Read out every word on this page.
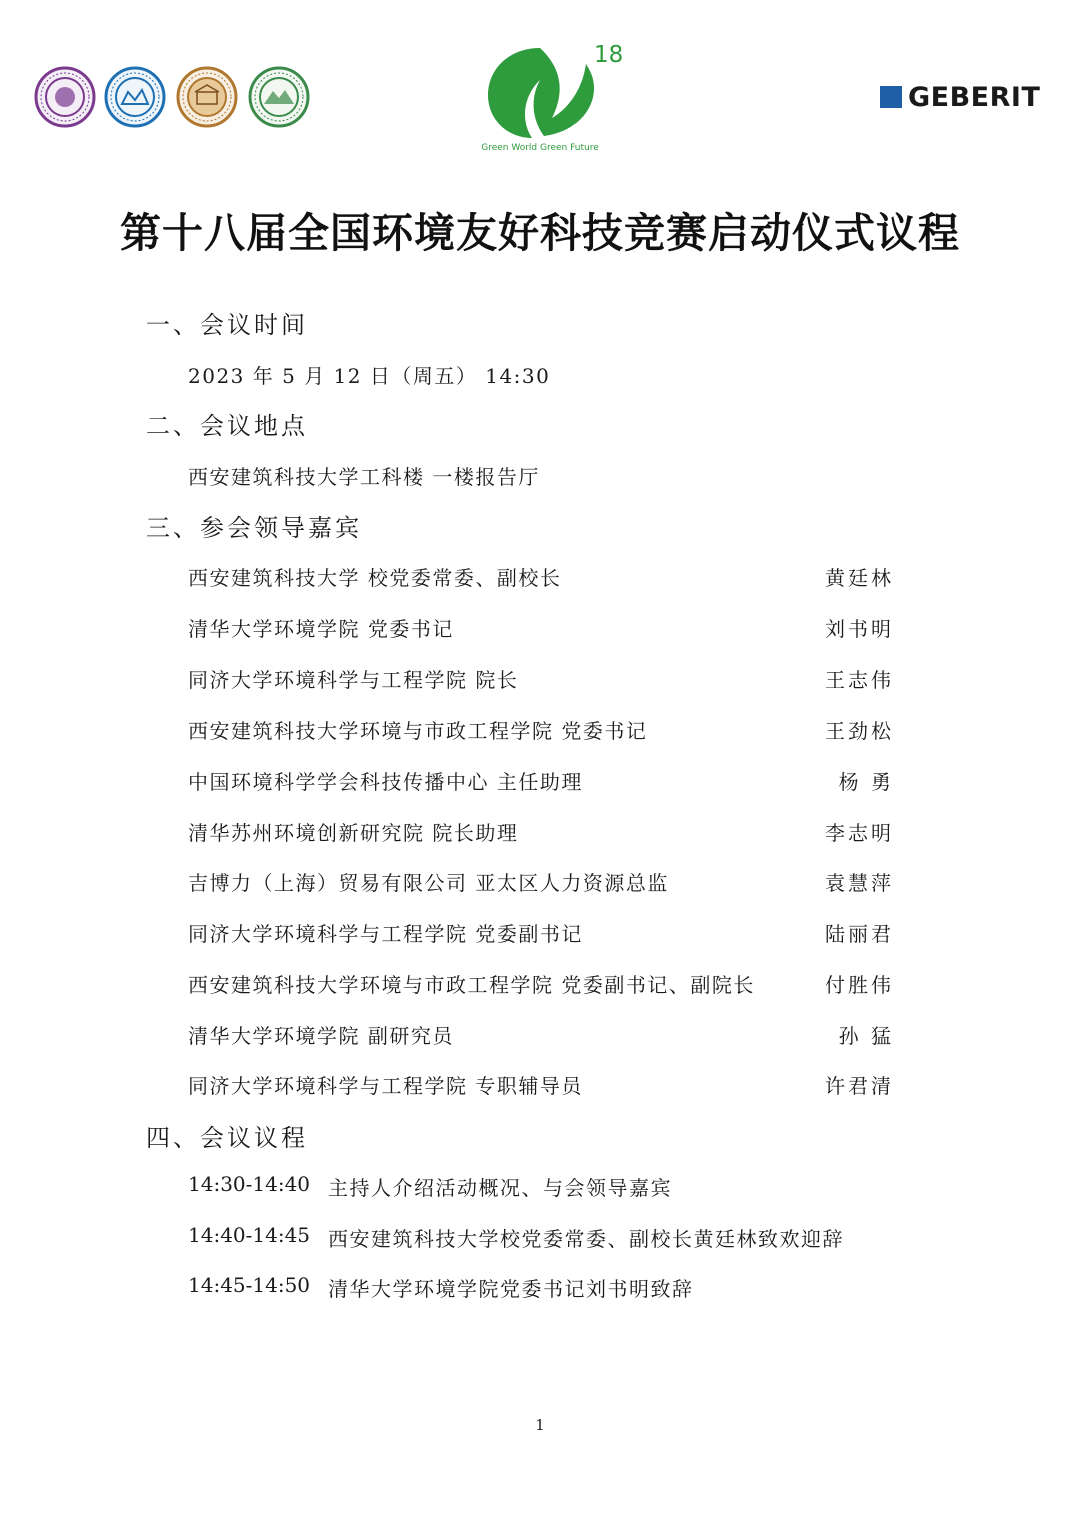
18
Green World Green Future
GEBERIT
第十八届全国环境友好科技竞赛启动仪式议程
一、会议时间
2023 年 5 月 12 日（周五） 14:30
二、会议地点
西安建筑科技大学工科楼 一楼报告厅
三、参会领导嘉宾
西安建筑科技大学 校党委常委、副校长	黄廷林
清华大学环境学院 党委书记	刘书明
同济大学环境科学与工程学院 院长	王志伟
西安建筑科技大学环境与市政工程学院 党委书记	王劲松
中国环境科学学会科技传播中心 主任助理	杨 勇
清华苏州环境创新研究院 院长助理	李志明
吉博力（上海）贸易有限公司 亚太区人力资源总监	袁慧萍
同济大学环境科学与工程学院 党委副书记	陆丽君
西安建筑科技大学环境与市政工程学院 党委副书记、副院长	付胜伟
清华大学环境学院 副研究员	孙 猛
同济大学环境科学与工程学院 专职辅导员	许君清
四、会议议程
14:30-14:40 主持人介绍活动概况、与会领导嘉宾
14:40-14:45 西安建筑科技大学校党委常委、副校长黄廷林致欢迎辞
14:45-14:50 清华大学环境学院党委书记刘书明致辞
1
